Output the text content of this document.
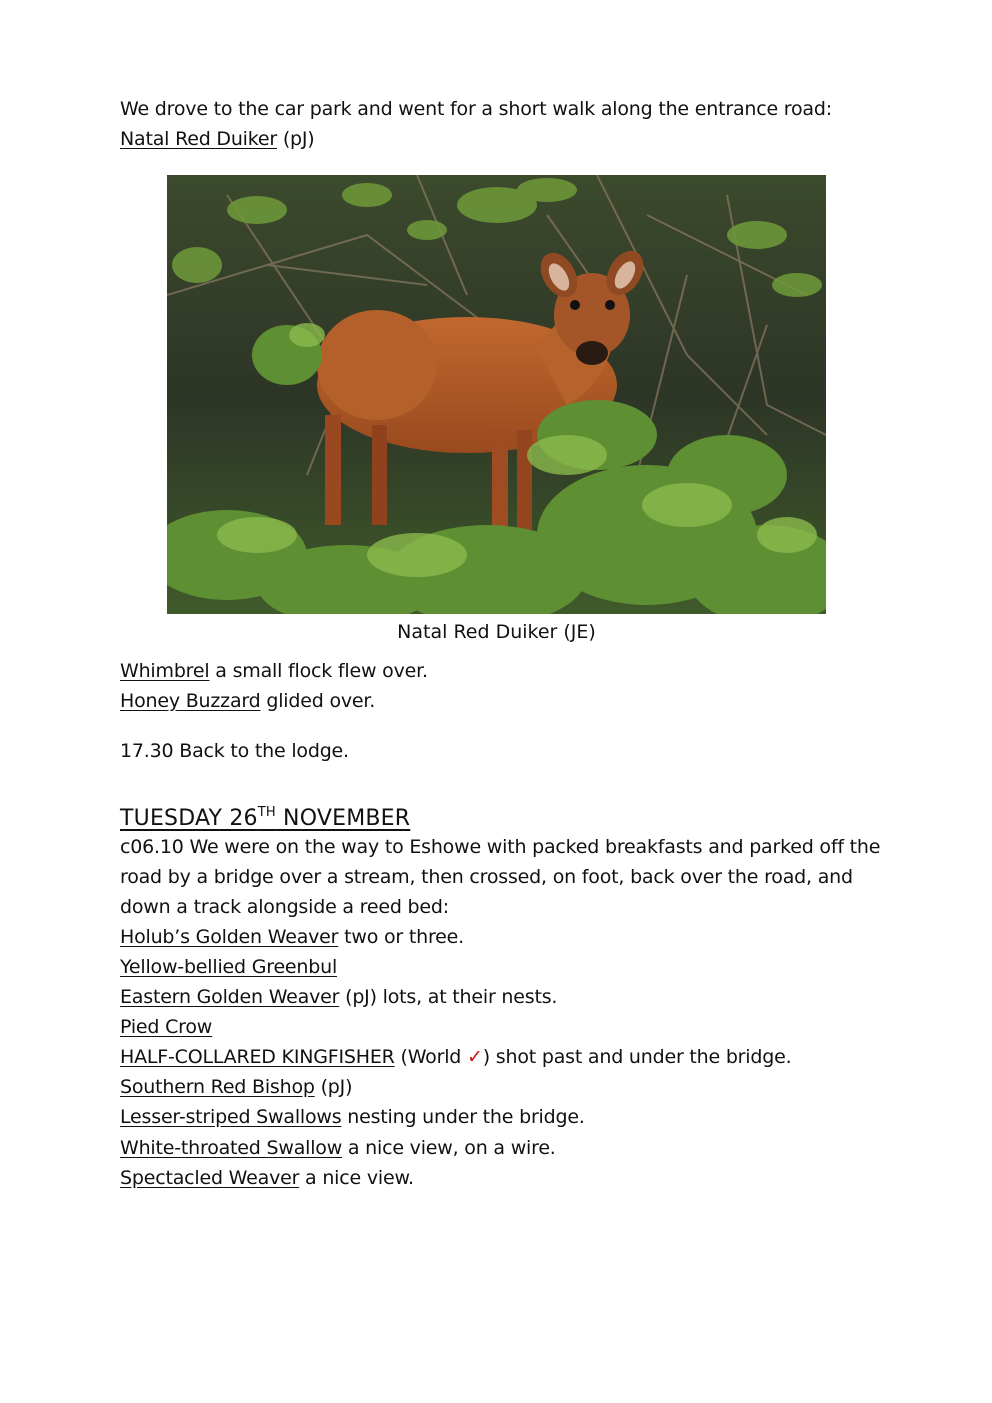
We drove to the car park and went for a short walk along the entrance road:
Natal Red Duiker (pJ)
Natal Red Duiker (JE)
Whimbrel a small flock flew over.
Honey Buzzard glided over.
17.30 Back to the lodge.
TUESDAY 26TH NOVEMBER
c06.10 We were on the way to Eshowe with packed breakfasts and parked off the
road by a bridge over a stream, then crossed, on foot, back over the road, and
down a track alongside a reed bed:
Holub’s Golden Weaver two or three.
Yellow-bellied Greenbul
Eastern Golden Weaver (pJ) lots, at their nests.
Pied Crow
HALF-COLLARED KINGFISHER (World ✓) shot past and under the bridge.
Southern Red Bishop (pJ)
Lesser-striped Swallows nesting under the bridge.
White-throated Swallow a nice view, on a wire.
Spectacled Weaver a nice view.
